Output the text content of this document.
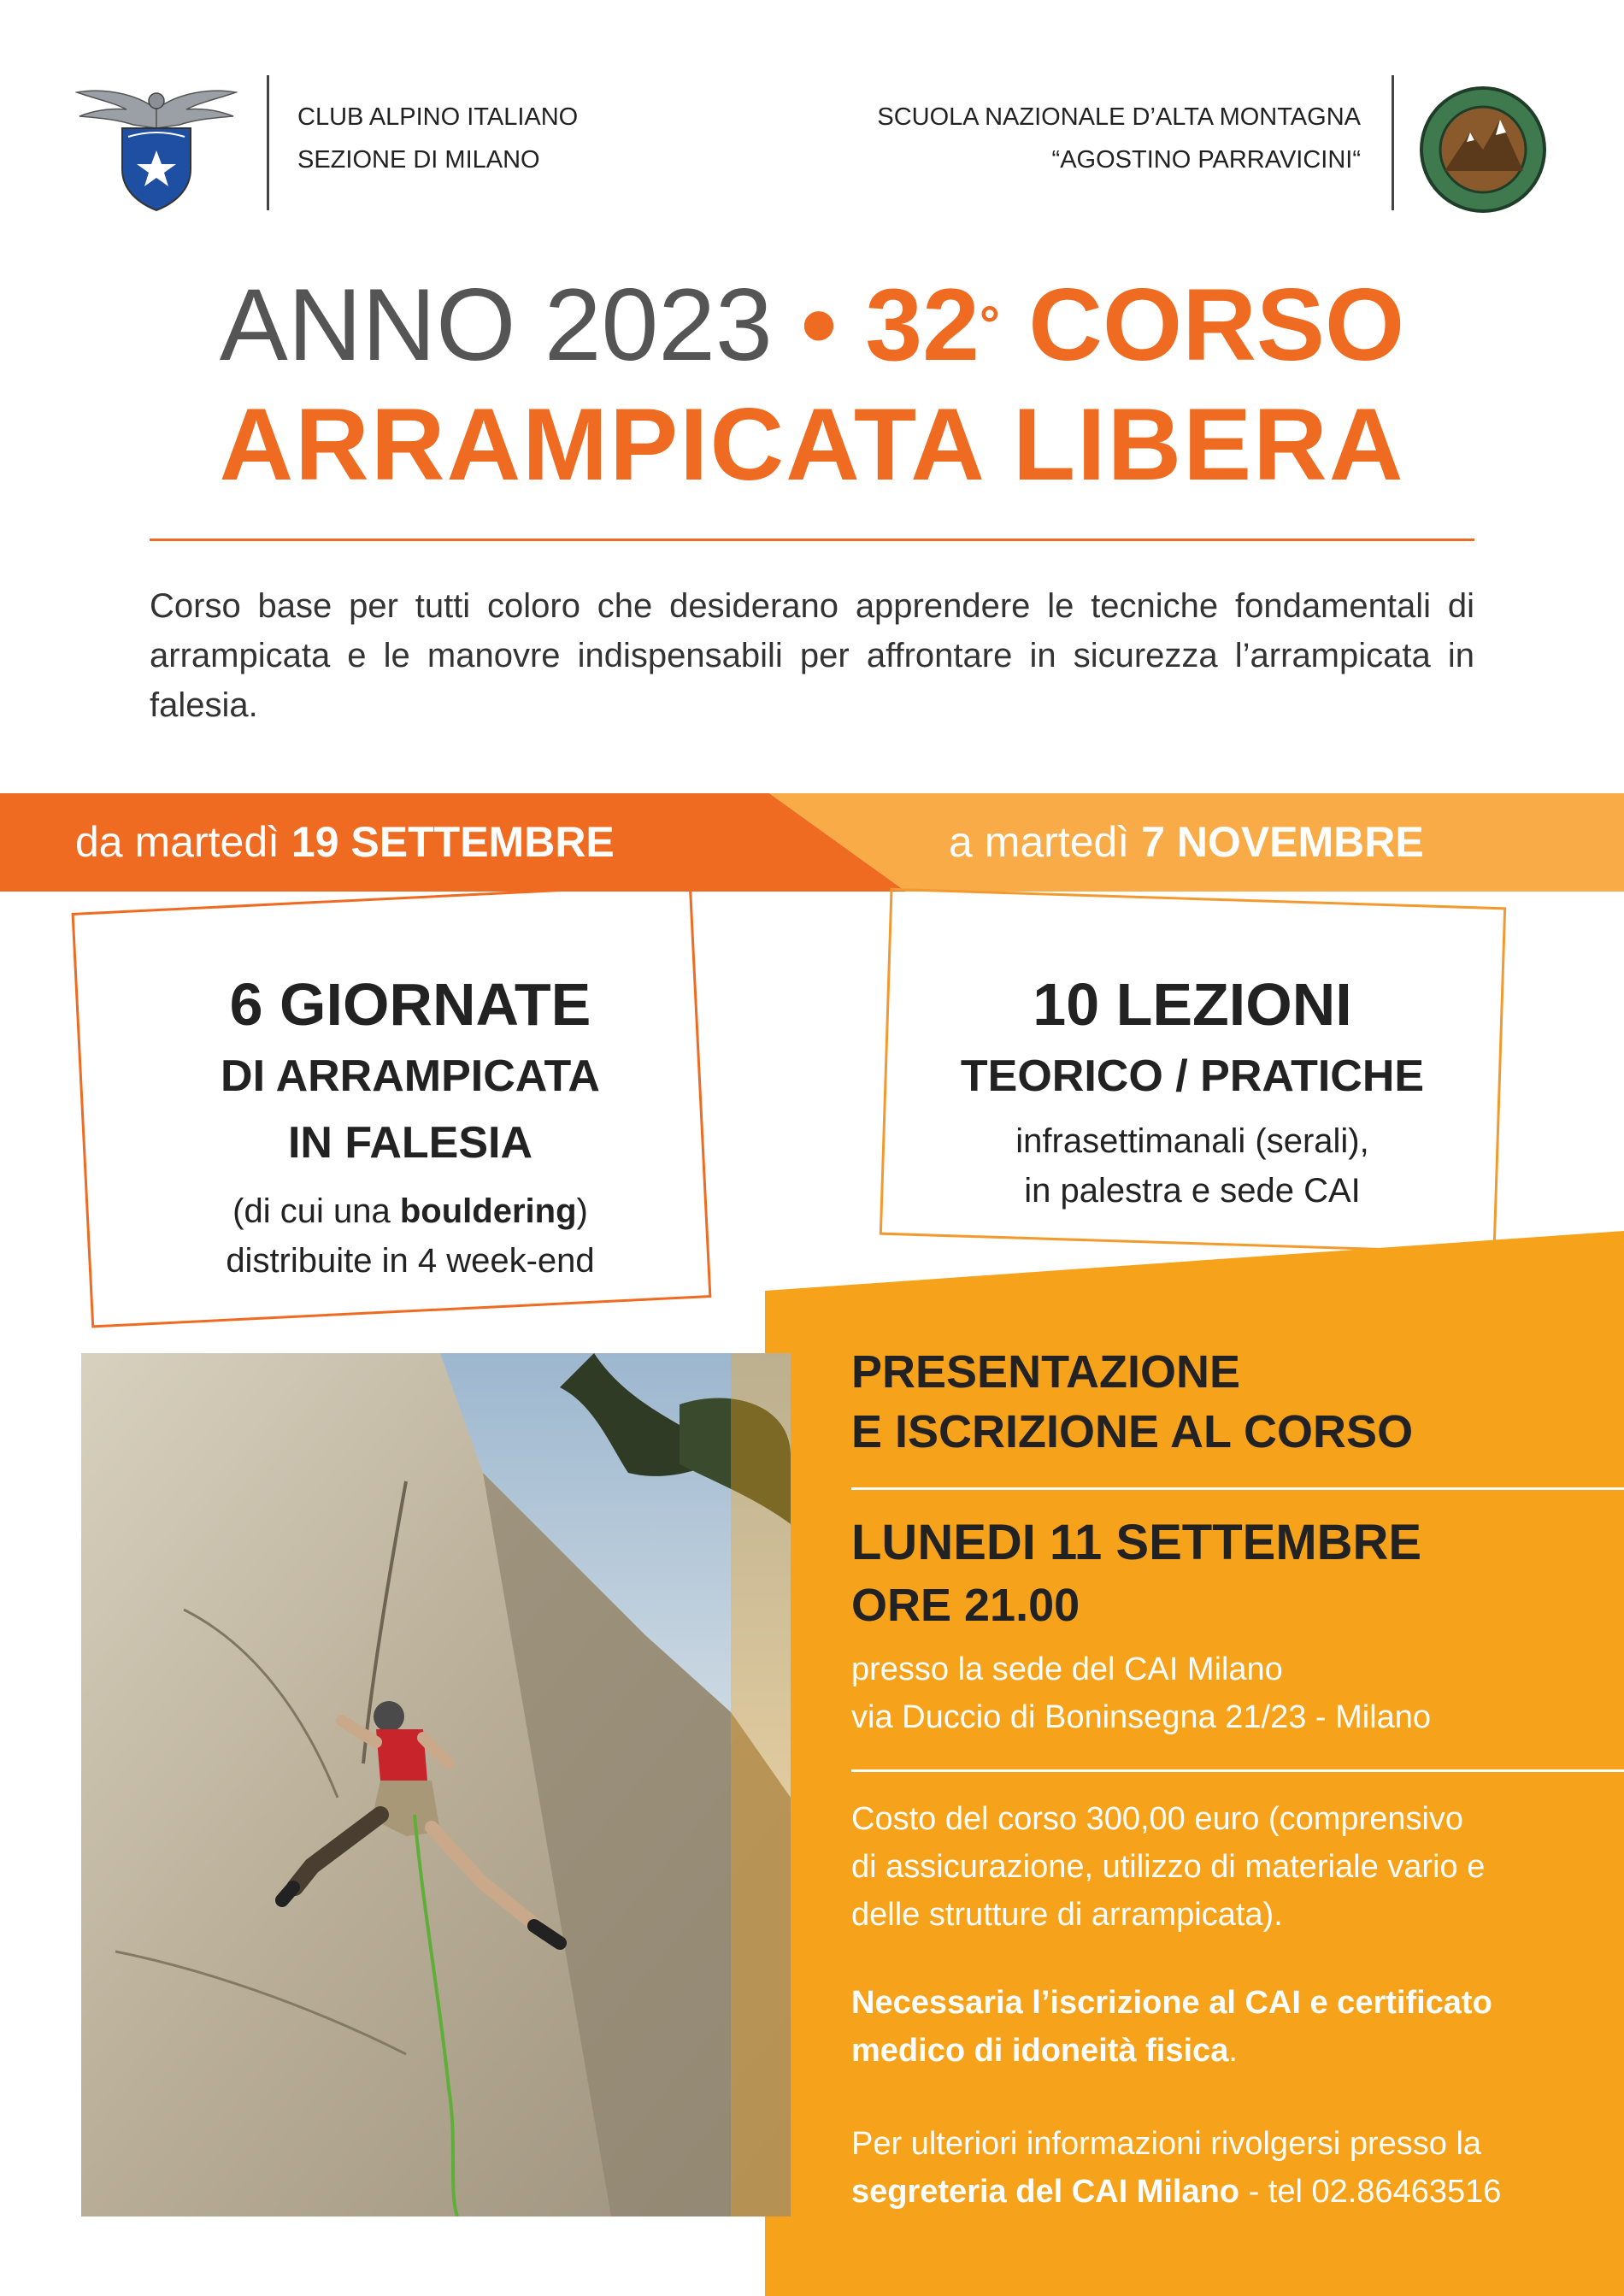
CLUB ALPINO ITALIANO
SEZIONE DI MILANO
SCUOLA NAZIONALE D’ALTA MONTAGNA
“AGOSTINO PARRAVICINI“
ANNO 2023 • 32° CORSO
ARRAMPICATA LIBERA
Corso base per tutti coloro che desiderano apprendere le tecniche fondamentali di arrampicata e le manovre indispensabili per affrontare in sicurezza l’arrampicata in falesia.
da martedì 19 SETTEMBRE	a martedì 7 NOVEMBRE
6 GIORNATE
DI ARRAMPICATA
IN FALESIA
(di cui una bouldering)
distribuite in 4 week-end
10 LEZIONI
TEORICO / PRATICHE
infrasettimanali (serali),
in palestra e sede CAI
PRESENTAZIONE
E ISCRIZIONE AL CORSO
LUNEDI 11 SETTEMBRE
ORE 21.00
presso la sede del CAI Milano
via Duccio di Boninsegna 21/23 - Milano
Costo del corso 300,00 euro (comprensivo
di assicurazione, utilizzo di materiale vario e
delle strutture di arrampicata).
Necessaria l’iscrizione al CAI e certificato
medico di idoneità fisica.
Per ulteriori informazioni rivolgersi presso la
segreteria del CAI Milano - tel 02.86463516
